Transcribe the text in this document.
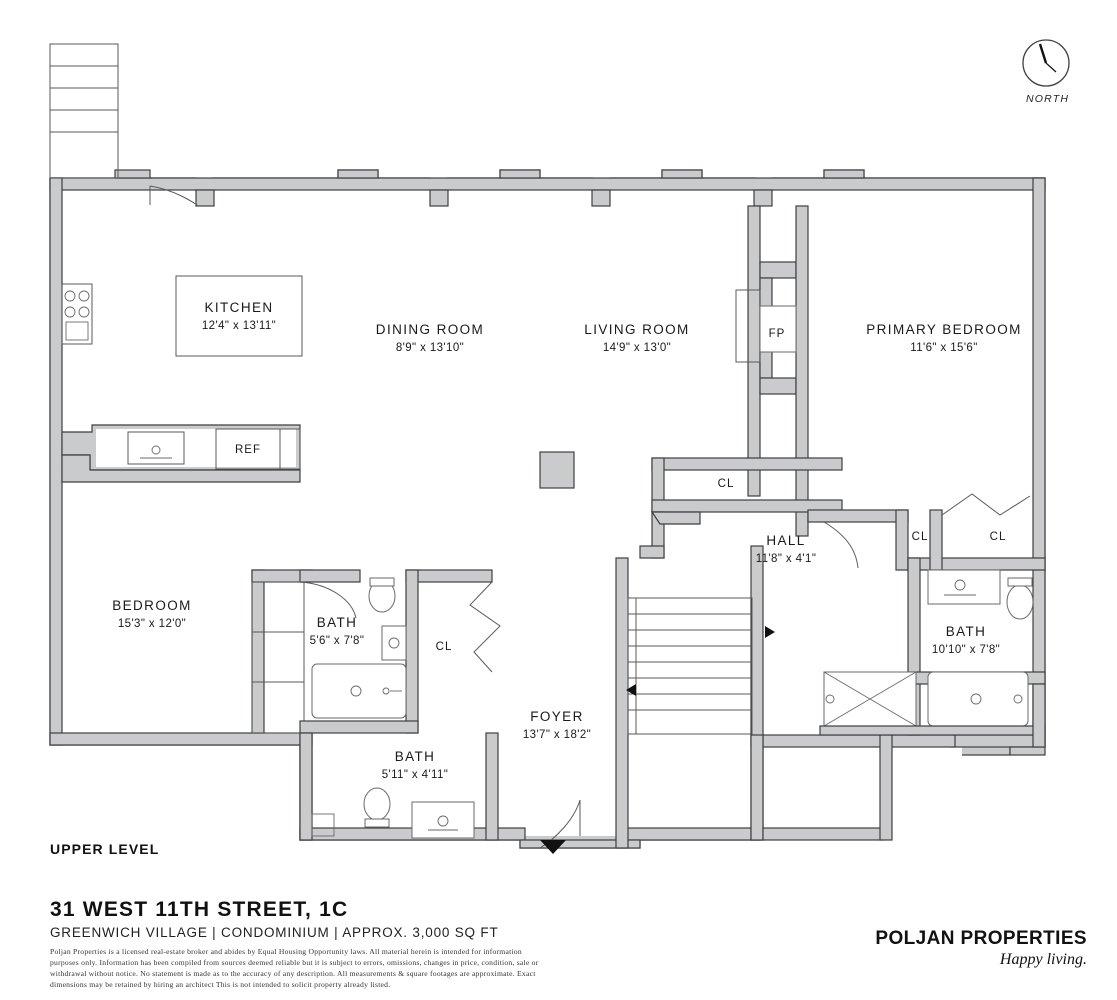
KITCHEN
12'4" x 13'11"	DINING ROOM
8'9" x 13'10"
LIVING ROOM
14'9" x 13'0"
PRIMARY BEDROOM
11'6" x 15'6"
BEDROOM
15'3" x 12'0"	BATH
5'6" x 7'8"
BATH
5'11" x 4'11"
BATH
10'10" x 7'8"
HALL
11'8" x 4'1"
FOYER
13'7" x 18'2"
FP
REF
CL
CL
CL	CL
NORTH
UPPER LEVEL
31 WEST 11TH STREET, 1C
GREENWICH VILLAGE | CONDOMINIUM | APPROX. 3,000 SQ FT
Poljan Properties is a licensed real-estate broker and abides by Equal Housing Opportunity laws. All material herein is intended for information purposes only. Information has been compiled from sources deemed reliable but it is subject to errors, omissions, changes in price, condition, sale or withdrawal without notice. No statement is made as to the accuracy of any description. All measurements & square footages are approximate. Exact dimensions may be retained by hiring an architect This is not intended to solicit property already listed.
POLJAN PROPERTIES
Happy living.
